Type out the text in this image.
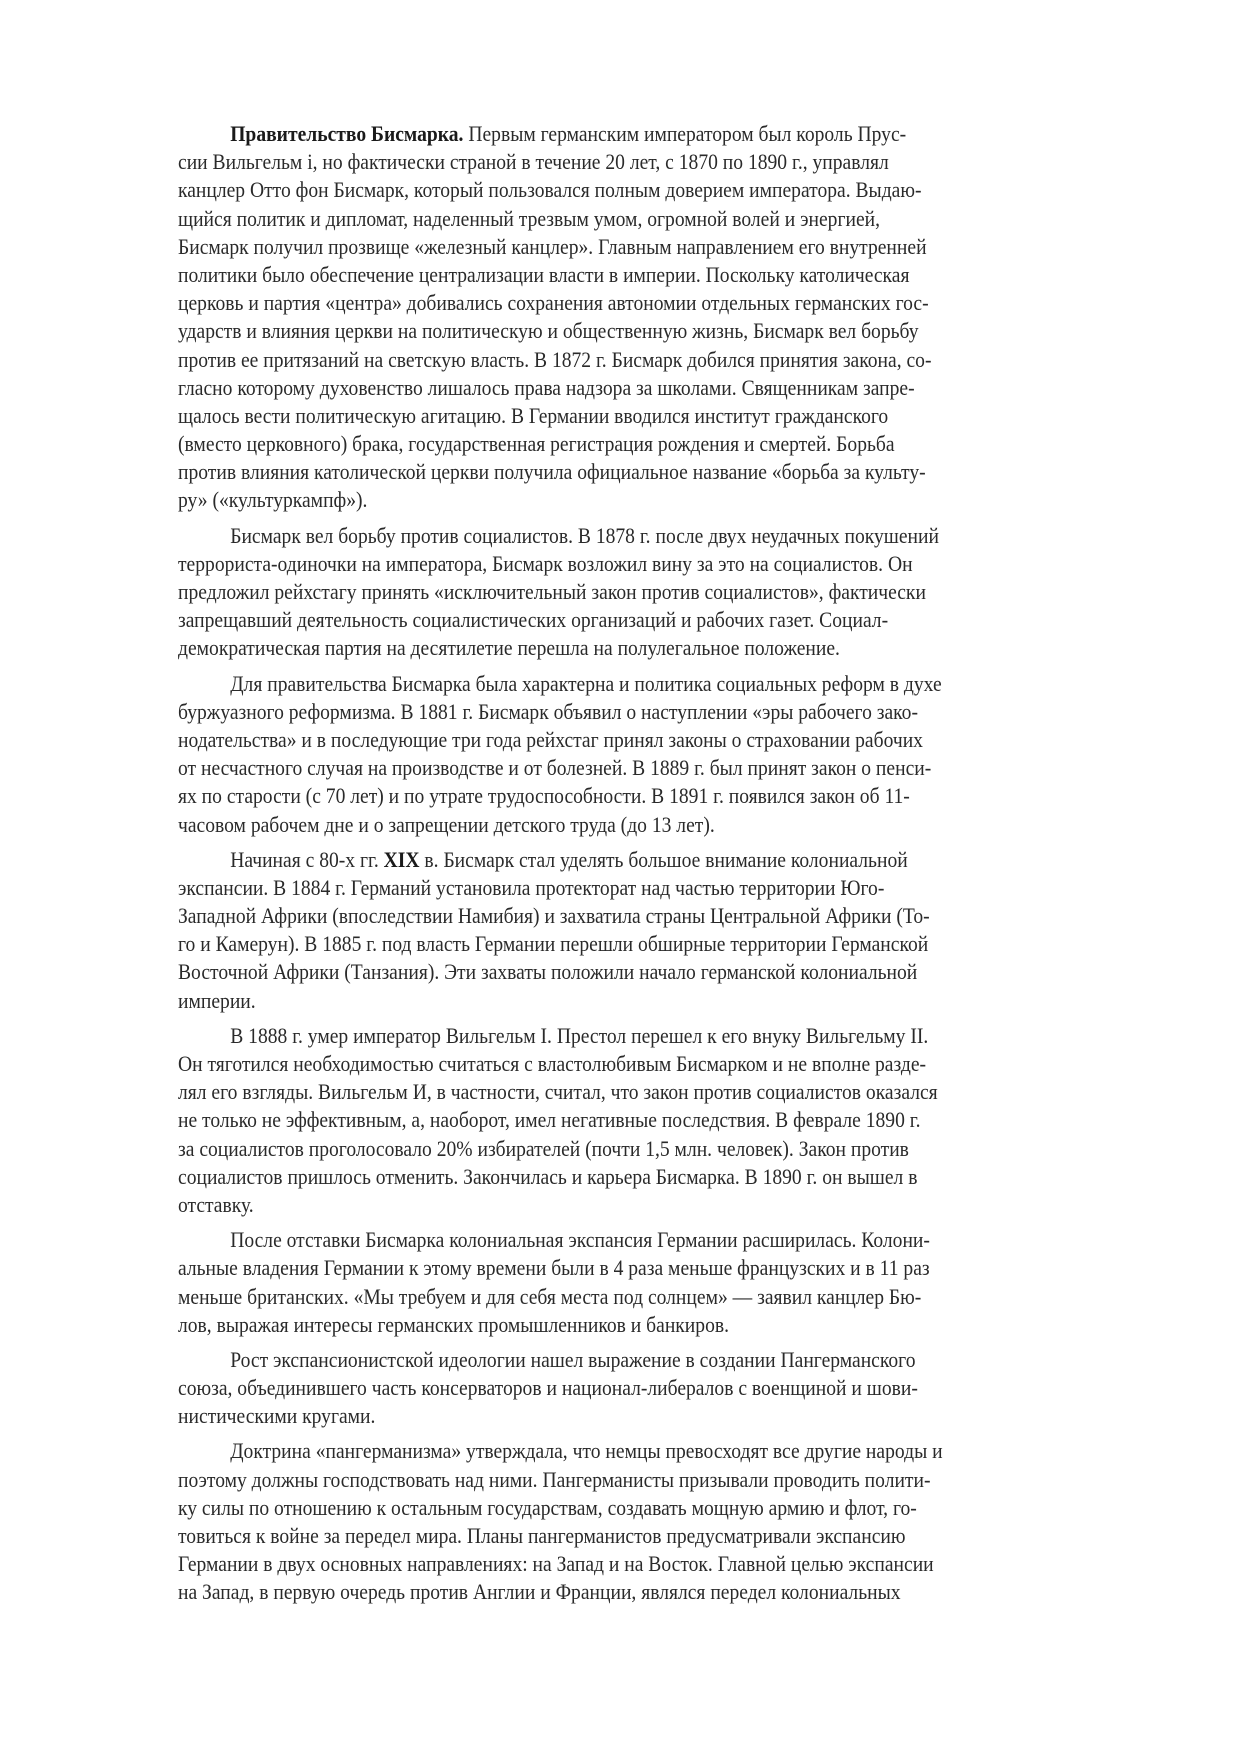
Правительство Бисмарка. Первым германским императором был король Прус-
сии Вильгельм i, но фактически страной в течение 20 лет, с 1870 по 1890 г., управлял
канцлер Отто фон Бисмарк, который пользовался полным доверием императора. Выдаю-
щийся политик и дипломат, наделенный трезвым умом, огромной волей и энергией,
Бисмарк получил прозвище «железный канцлер». Главным направлением его внутренней
политики было обеспечение централизации власти в империи. Поскольку католическая
церковь и партия «центра» добивались сохранения автономии отдельных германских гос-
ударств и влияния церкви на политическую и общественную жизнь, Бисмарк вел борьбу
против ее притязаний на светскую власть. В 1872 г. Бисмарк добился принятия закона, со-
гласно которому духовенство лишалось права надзора за школами. Священникам запре-
щалось вести политическую агитацию. В Германии вводился институт гражданского
(вместо церковного) брака, государственная регистрация рождения и смертей. Борьба
против влияния католической церкви получила официальное название «борьба за культу-
ру» («культуркампф»).
Бисмарк вел борьбу против социалистов. В 1878 г. после двух неудачных покушений
террориста-одиночки на императора, Бисмарк возложил вину за это на социалистов. Он
предложил рейхстагу принять «исключительный закон против социалистов», фактически
запрещавший деятельность социалистических организаций и рабочих газет. Социал-
демократическая партия на десятилетие перешла на полулегальное положение.
Для правительства Бисмарка была характерна и политика социальных реформ в духе
буржуазного реформизма. В 1881 г. Бисмарк объявил о наступлении «эры рабочего зако-
нодательства» и в последующие три года рейхстаг принял законы о страховании рабочих
от несчастного случая на производстве и от болезней. В 1889 г. был принят закон о пенси-
ях по старости (с 70 лет) и по утрате трудоспособности. В 1891 г. появился закон об 11-
часовом рабочем дне и о запрещении детского труда (до 13 лет).
Начиная с 80-х гг. XIX в. Бисмарк стал уделять большое внимание колониальной
экспансии. В 1884 г. Германий установила протекторат над частью территории Юго-
Западной Африки (впоследствии Намибия) и захватила страны Центральной Африки (То-
го и Камерун). В 1885 г. под власть Германии перешли обширные территории Германской
Восточной Африки (Танзания). Эти захваты положили начало германской колониальной
империи.
В 1888 г. умер император Вильгельм I. Престол перешел к его внуку Вильгельму II.
Он тяготился необходимостью считаться с властолюбивым Бисмарком и не вполне разде-
лял его взгляды. Вильгельм И, в частности, считал, что закон против социалистов оказался
не только не эффективным, а, наоборот, имел негативные последствия. В феврале 1890 г.
за социалистов проголосовало 20% избирателей (почти 1,5 млн. человек). Закон против
социалистов пришлось отменить. Закончилась и карьера Бисмарка. В 1890 г. он вышел в
отставку.
После отставки Бисмарка колониальная экспансия Германии расширилась. Колони-
альные владения Германии к этому времени были в 4 раза меньше французских и в 11 раз
меньше британских. «Мы требуем и для себя места под солнцем» — заявил канцлер Бю-
лов, выражая интересы германских промышленников и банкиров.
Рост экспансионистской идеологии нашел выражение в создании Пангерманского
союза, объединившего часть консерваторов и национал-либералов с военщиной и шови-
нистическими кругами.
Доктрина «пангерманизма» утверждала, что немцы превосходят все другие народы и
поэтому должны господствовать над ними. Пангерманисты призывали проводить полити-
ку силы по отношению к остальным государствам, создавать мощную армию и флот, го-
товиться к войне за передел мира. Планы пангерманистов предусматривали экспансию
Германии в двух основных направлениях: на Запад и на Восток. Главной целью экспансии
на Запад, в первую очередь против Англии и Франции, являлся передел колониальных
